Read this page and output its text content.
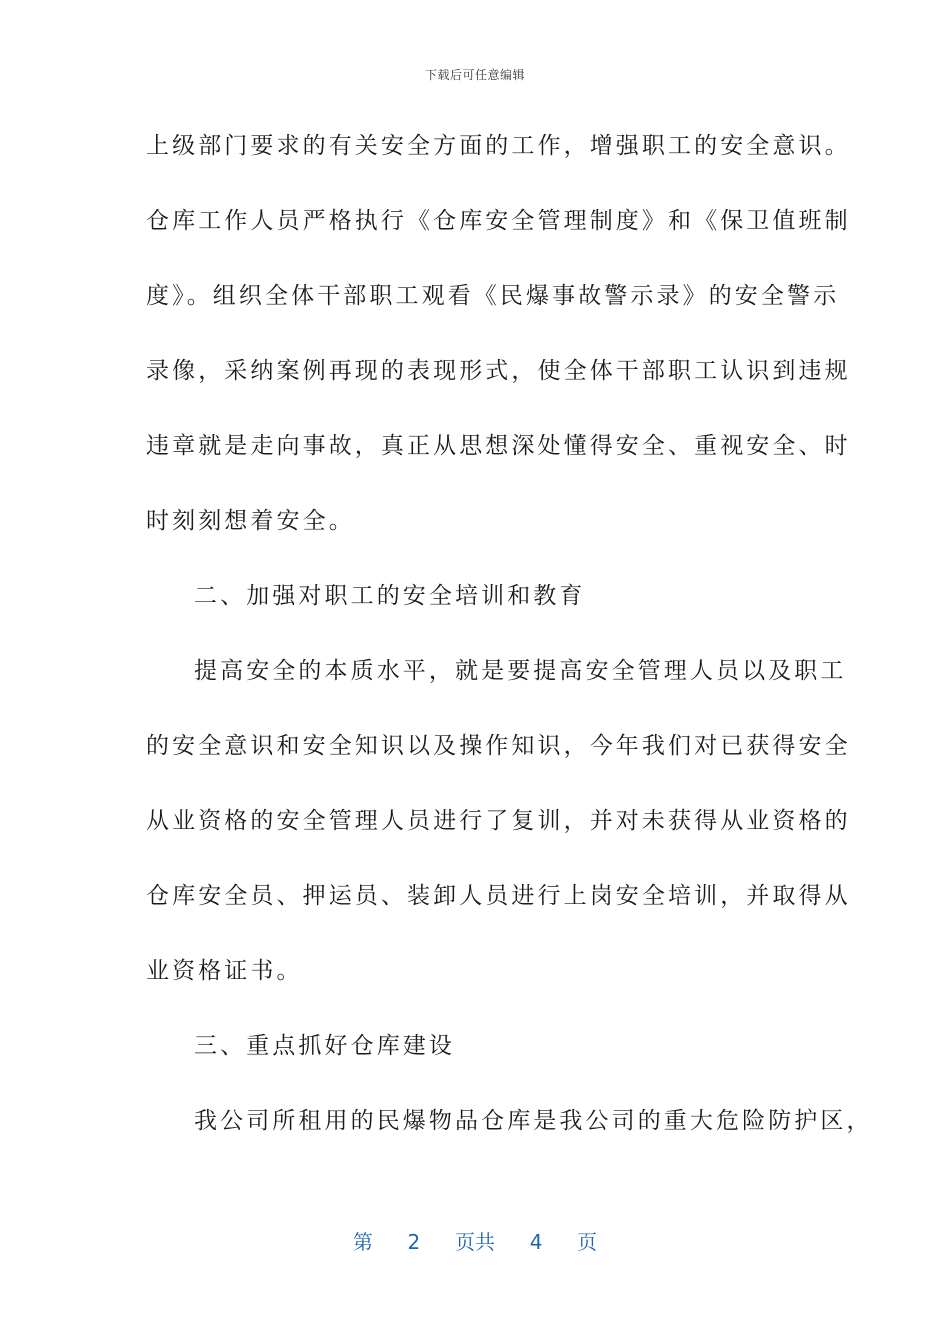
下载后可任意编辑
上级部门要求的有关安全方面的工作，增强职工的安全意识。
仓库工作人员严格执行《仓库安全管理制度》和《保卫值班制
度》。组织全体干部职工观看《民爆事故警示录》的安全警示
录像，采纳案例再现的表现形式，使全体干部职工认识到违规
违章就是走向事故，真正从思想深处懂得安全、重视安全、时
时刻刻想着安全。
二、加强对职工的安全培训和教育
提高安全的本质水平，就是要提高安全管理人员以及职工
的安全意识和安全知识以及操作知识，今年我们对已获得安全
从业资格的安全管理人员进行了复训，并对未获得从业资格的
仓库安全员、押运员、装卸人员进行上岗安全培训，并取得从
业资格证书。
三、重点抓好仓库建设
我公司所租用的民爆物品仓库是我公司的重大危险防护区，
第 2 页共 4 页
